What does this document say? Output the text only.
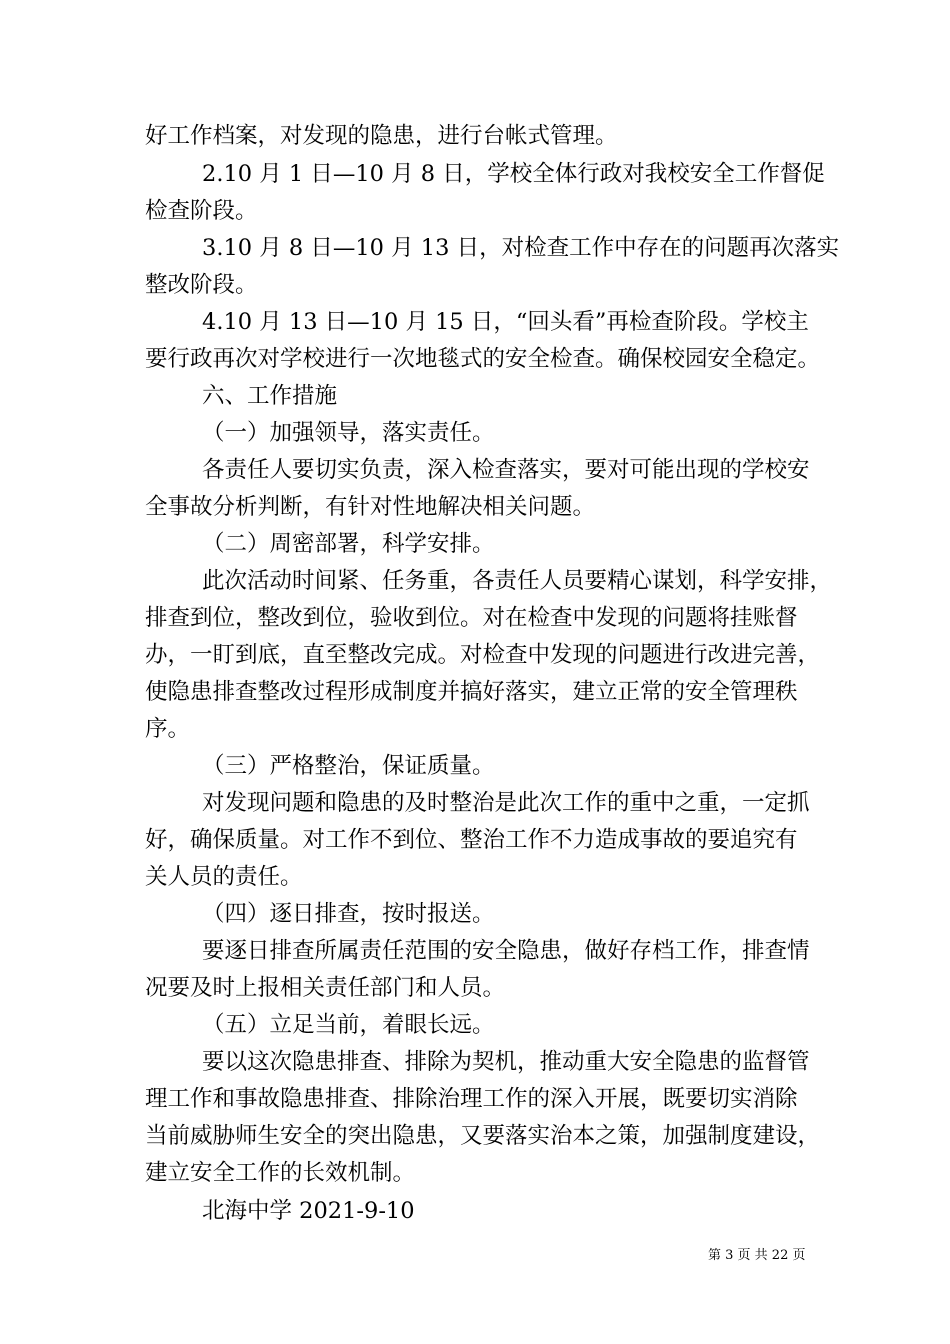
好工作档案，对发现的隐患，进行台帐式管理。
2.10 月 1 日—10 月 8 日，学校全体行政对我校安全工作督促
检查阶段。
3.10 月 8 日—10 月 13 日，对检查工作中存在的问题再次落实
整改阶段。
4.10 月 13 日—10 月 15 日，“回头看”再检查阶段。学校主
要行政再次对学校进行一次地毯式的安全检查。确保校园安全稳定。
六、工作措施
（一）加强领导，落实责任。
各责任人要切实负责，深入检查落实，要对可能出现的学校安
全事故分析判断，有针对性地解决相关问题。
（二）周密部署，科学安排。
此次活动时间紧、任务重，各责任人员要精心谋划，科学安排，
排查到位，整改到位，验收到位。对在检查中发现的问题将挂账督
办，一盯到底，直至整改完成。对检查中发现的问题进行改进完善，
使隐患排查整改过程形成制度并搞好落实，建立正常的安全管理秩
序。
（三）严格整治，保证质量。
对发现问题和隐患的及时整治是此次工作的重中之重，一定抓
好，确保质量。对工作不到位、整治工作不力造成事故的要追究有
关人员的责任。
（四）逐日排查，按时报送。
要逐日排查所属责任范围的安全隐患，做好存档工作，排查情
况要及时上报相关责任部门和人员。
（五）立足当前，着眼长远。
要以这次隐患排查、排除为契机，推动重大安全隐患的监督管
理工作和事故隐患排查、排除治理工作的深入开展，既要切实消除
当前威胁师生安全的突出隐患，又要落实治本之策，加强制度建设，
建立安全工作的长效机制。
北海中学 2021-9-10
第 3 页 共 22 页
